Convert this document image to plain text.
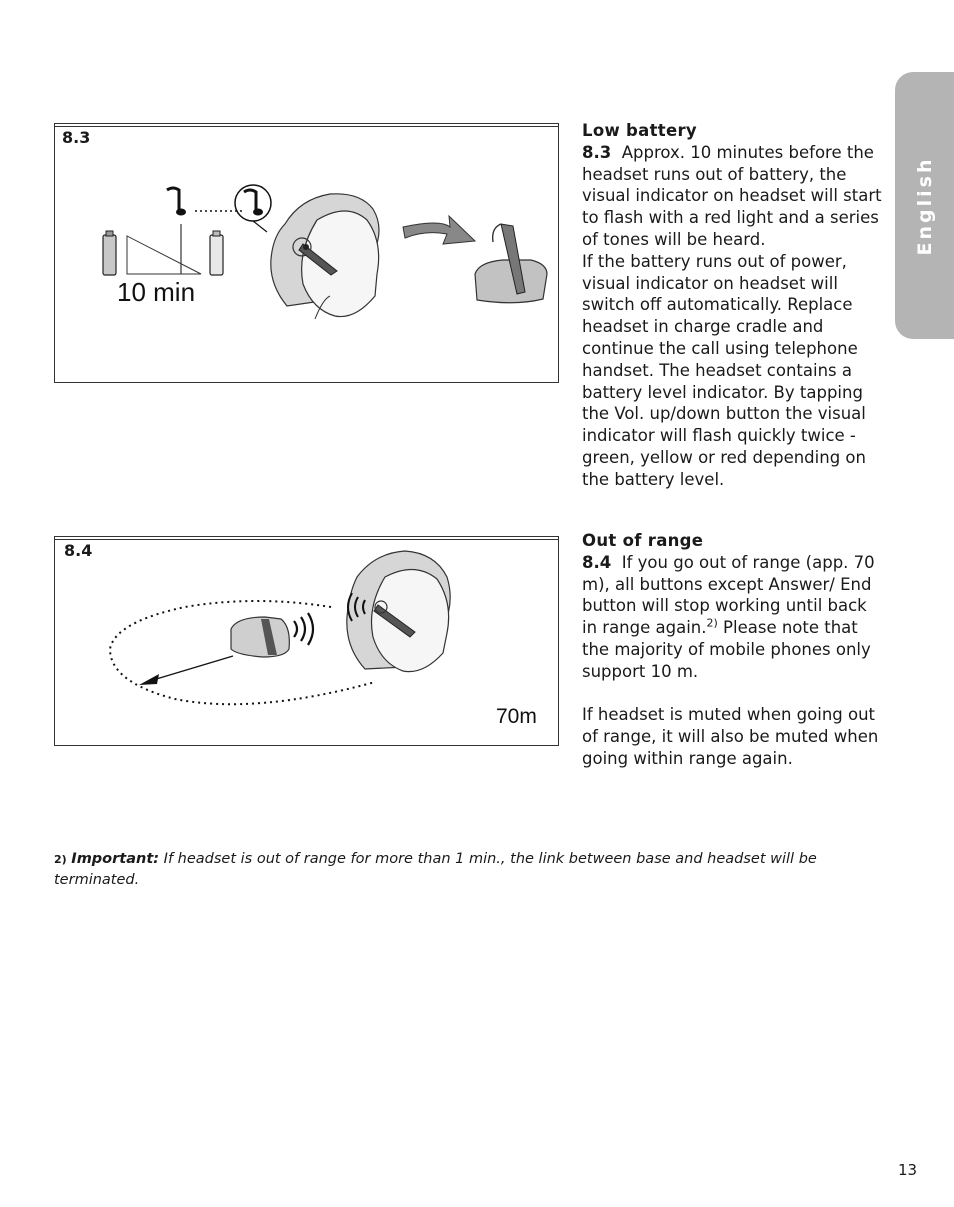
English
8.3
10 min

Low battery

8.3 Approx. 10 minutes before the headset runs out of battery, the visual indicator on headset will start to flash with a red light and a series of tones will be heard.

If the battery runs out of power, visual indicator on headset will switch off automatically. Replace headset in charge cradle and continue the call using telephone handset. The headset contains a battery level indicator. By tapping the Vol. up/down button the visual indicator will flash quickly twice - green, yellow or red depending on the battery level.

8.4
70m

Out of range

8.4 If you go out of range (app. 70 m), all buttons except Answer/ End button will stop working until back in range again.$^{2)}$ Please note that the majority of mobile phones only support 10 m.

If headset is muted when going out of range, it will also be muted when going within range again.

2) Important: If headset is out of range for more than 1 min., the link between base and headset will be terminated.
13
